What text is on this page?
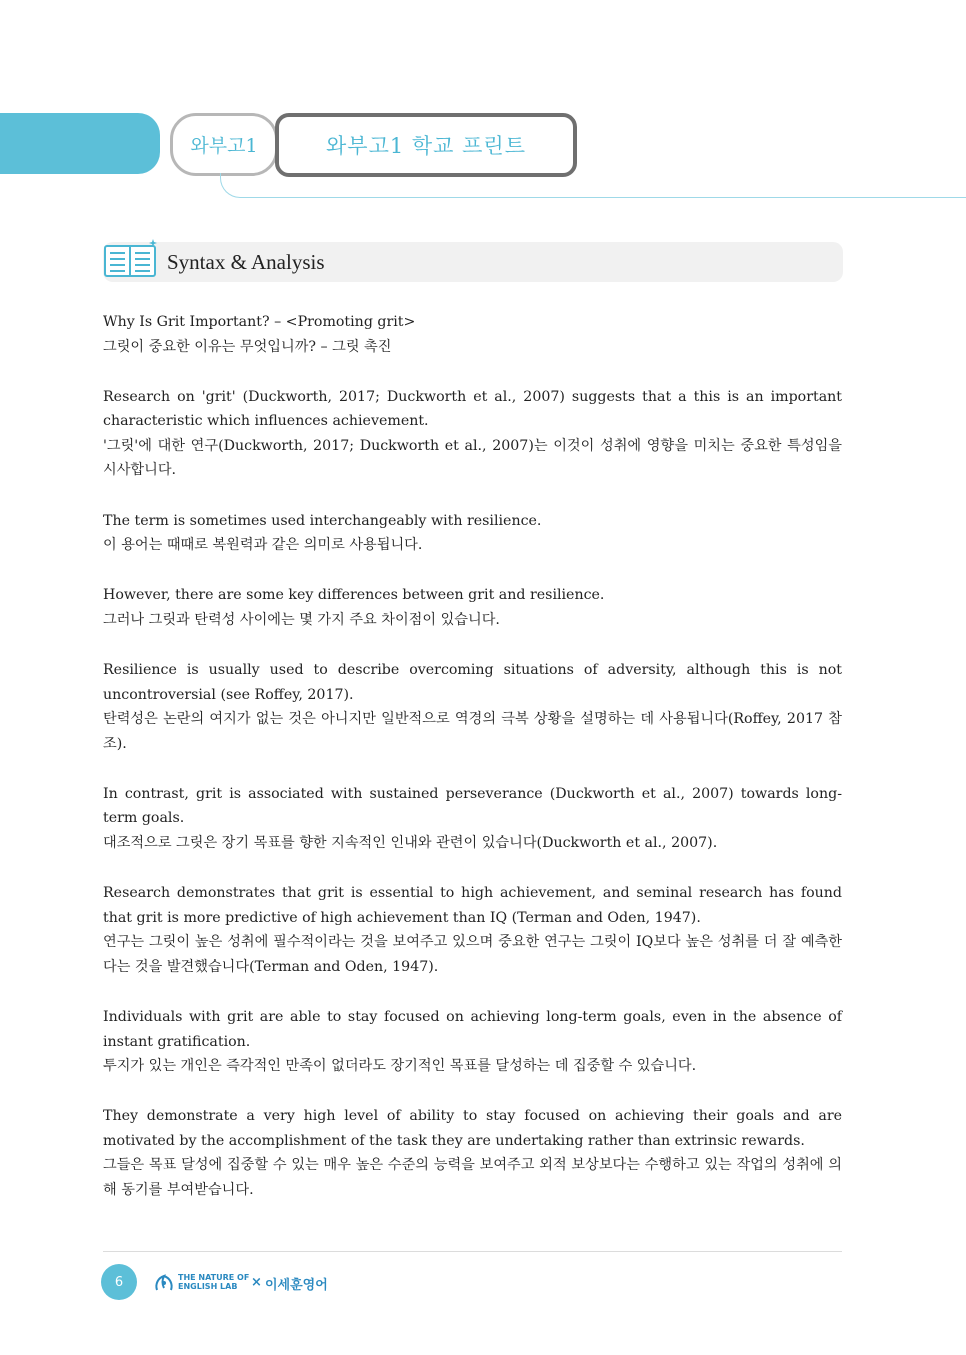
와부고1	와부고1 학교 프린트
Syntax & Analysis

Why Is Grit Important? – <Promoting grit>

그릿이 중요한 이유는 무엇입니까? – 그릿 촉진

Research on 'grit' (Duckworth, 2017; Duckworth et al., 2007) suggests that a this is an important characteristic which influences achievement.

'그릿'에 대한 연구(Duckworth, 2017; Duckworth et al., 2007)는 이것이 성취에 영향을 미치는 중요한 특성임을 시사합니다.

The term is sometimes used interchangeably with resilience.

이 용어는 때때로 복원력과 같은 의미로 사용됩니다.

However, there are some key differences between grit and resilience.

그러나 그릿과 탄력성 사이에는 몇 가지 주요 차이점이 있습니다.

Resilience is usually used to describe overcoming situations of adversity, although this is not uncontroversial (see Roffey, 2017).

탄력성은 논란의 여지가 없는 것은 아니지만 일반적으로 역경의 극복 상황을 설명하는 데 사용됩니다(Roffey, 2017 참조).

In contrast, grit is associated with sustained perseverance (Duckworth et al., 2007) towards long-term goals.

대조적으로 그릿은 장기 목표를 향한 지속적인 인내와 관련이 있습니다(Duckworth et al., 2007).

Research demonstrates that grit is essential to high achievement, and seminal research has found that grit is more predictive of high achievement than IQ (Terman and Oden, 1947).

연구는 그릿이 높은 성취에 필수적이라는 것을 보여주고 있으며 중요한 연구는 그릿이 IQ보다 높은 성취를 더 잘 예측한다는 것을 발견했습니다(Terman and Oden, 1947).

Individuals with grit are able to stay focused on achieving long-term goals, even in the absence of instant gratification.

투지가 있는 개인은 즉각적인 만족이 없더라도 장기적인 목표를 달성하는 데 집중할 수 있습니다.

They demonstrate a very high level of ability to stay focused on achieving their goals and are motivated by the accomplishment of the task they are undertaking rather than extrinsic rewards.

그들은 목표 달성에 집중할 수 있는 매우 높은 수준의 능력을 보여주고 외적 보상보다는 수행하고 있는 작업의 성취에 의해 동기를 부여받습니다.

6	THE NATURE OF
ENGLISH LAB	× 이세훈영어
